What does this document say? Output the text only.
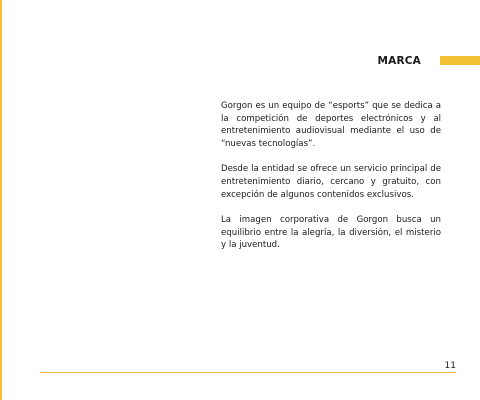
MARCA

Gorgon es un equipo de “esports” que se dedica a la competición de deportes electrónicos y al entretenimiento audiovisual mediante el uso de “nuevas tecnologías”.

Desde la entidad se ofrece un servicio principal de entretenimiento diario, cercano y gratuito, con excepción de algunos contenidos exclusivos.

La imagen corporativa de Gorgon busca un equilibrio entre la alegría, la diversión, el misterio y la juventud.

11
